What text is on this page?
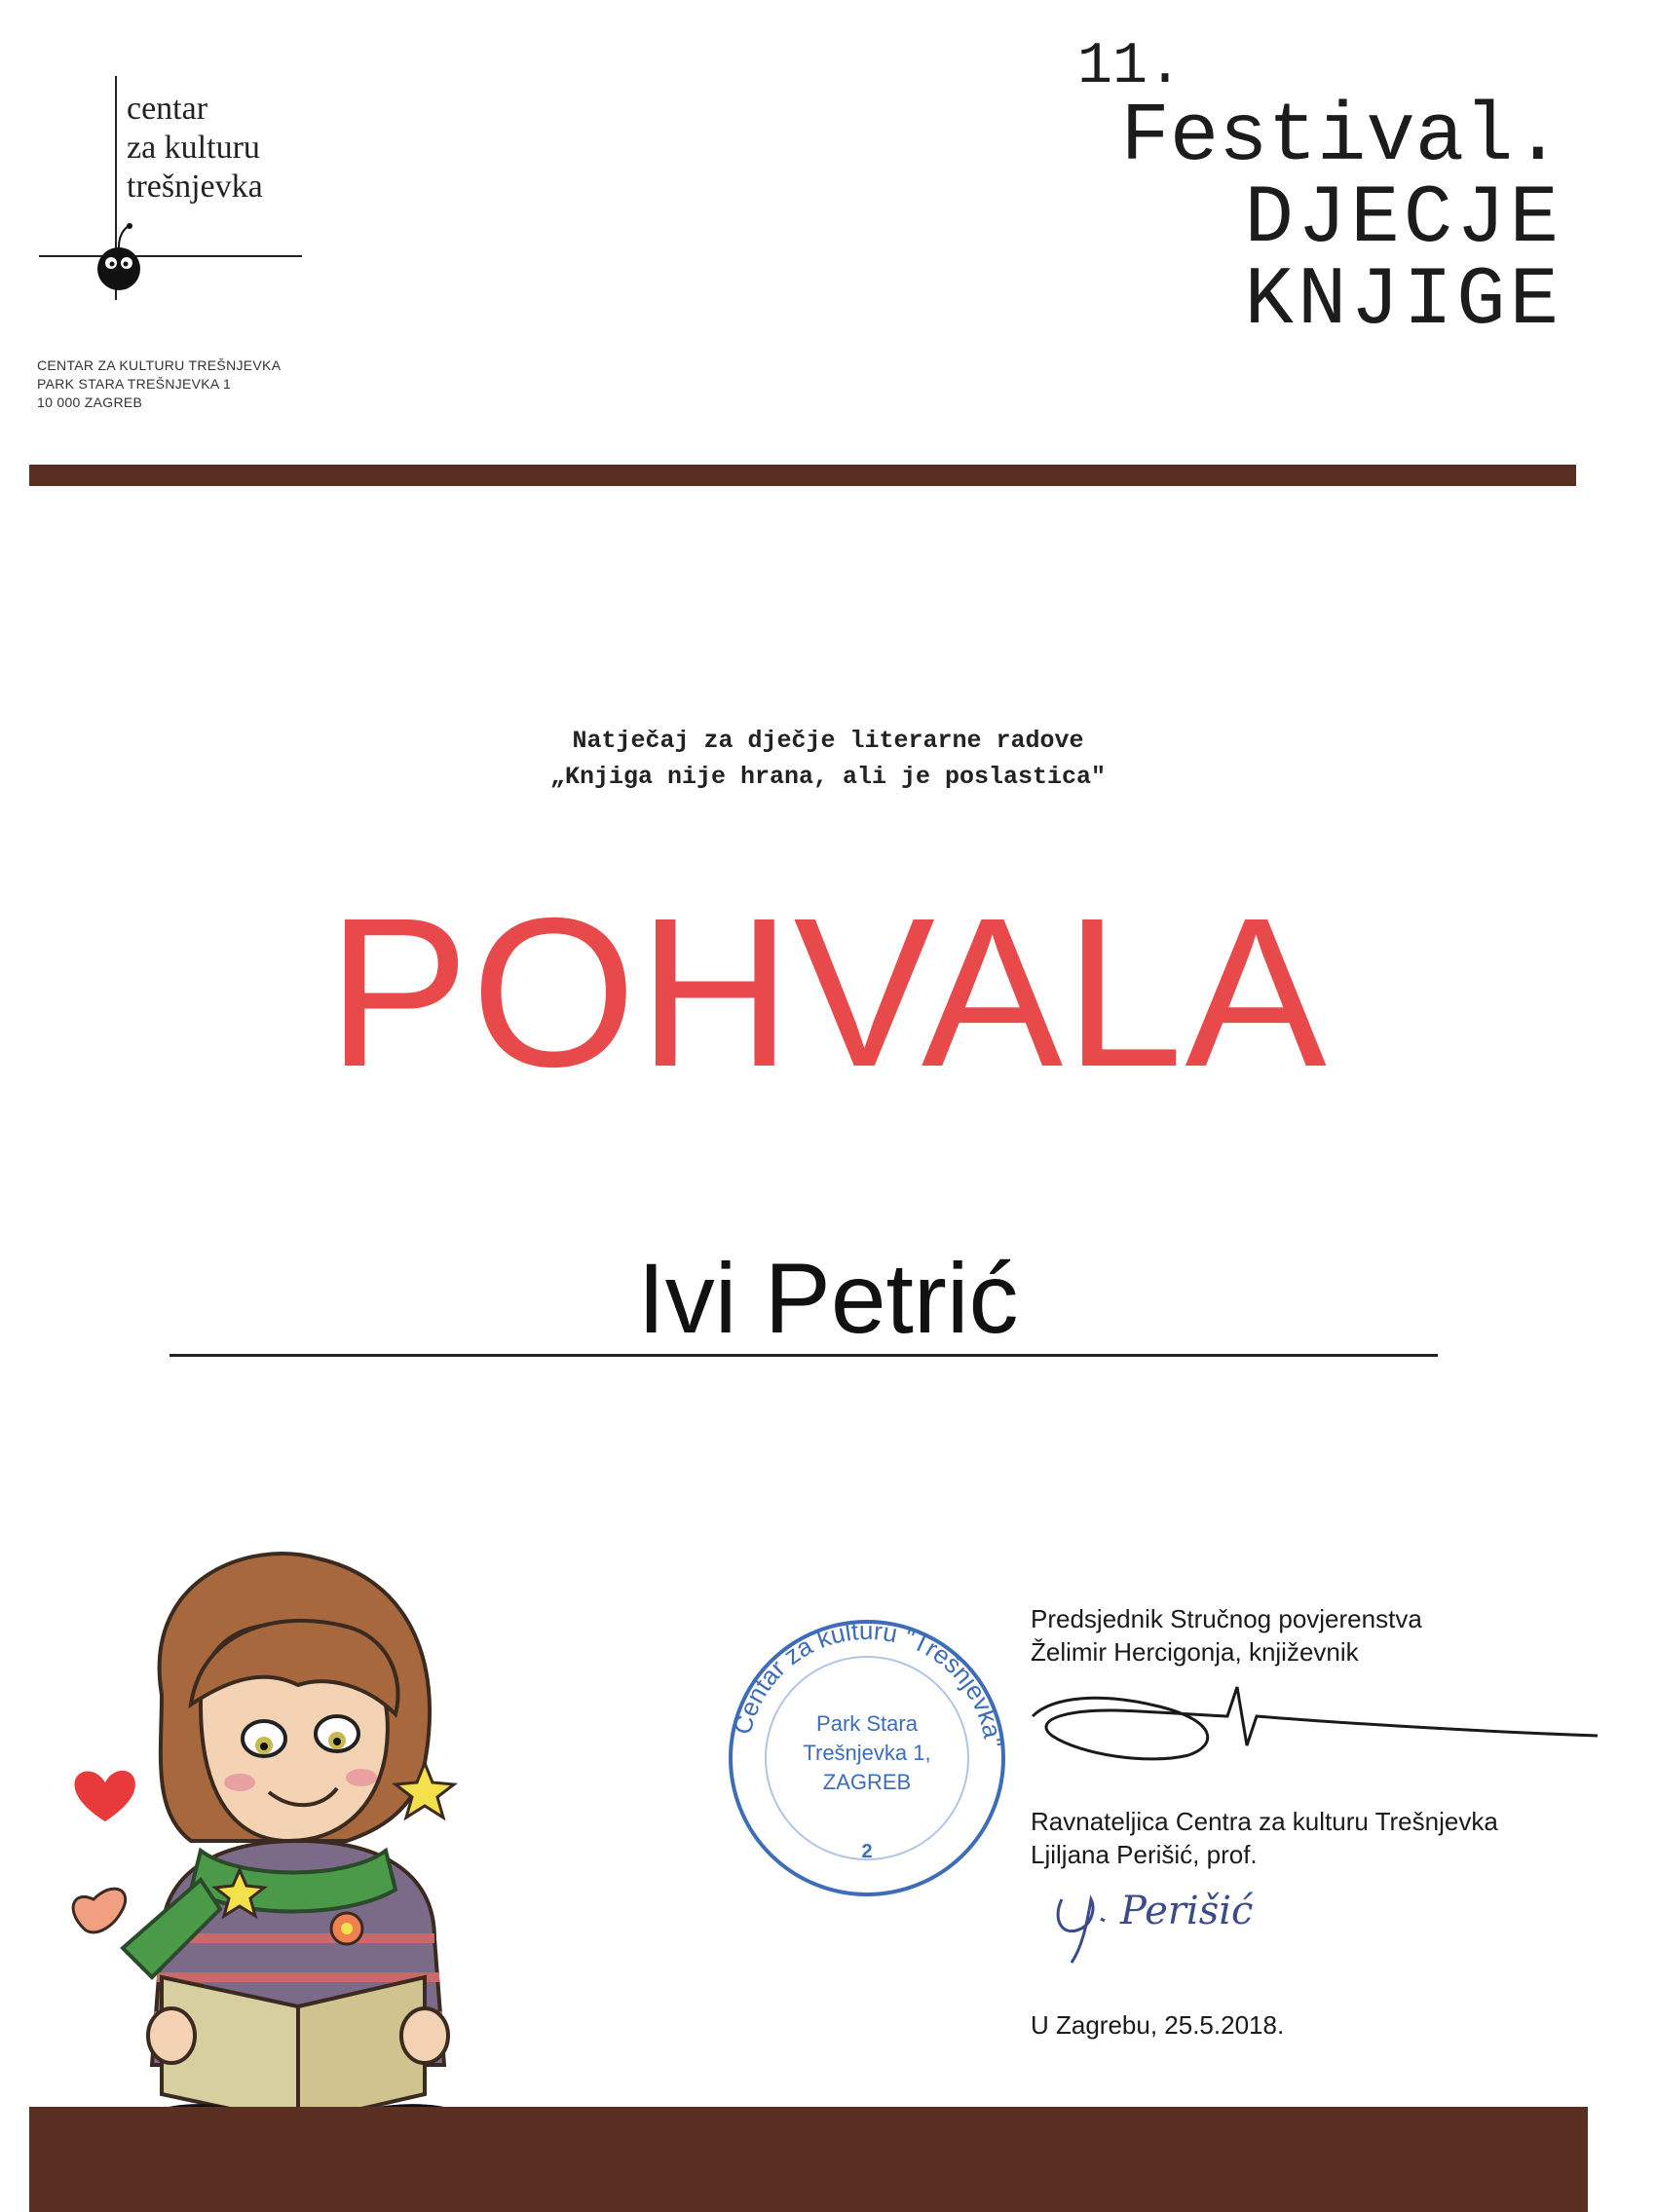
centar
za kulturu
trešnjevka
CENTAR ZA KULTURU TREŠNJEVKA
PARK STARA TREŠNJEVKA 1
10 000 ZAGREB
11.
Festival.
DJECJE
KNJIGE
Natječaj za dječje literarne radove
„Knjiga nije hrana, ali je poslastica"
POHVALA
Ivi Petrić
Centar za kulturu "Trešnjevka"
Park Stara
Trešnjevka 1,
ZAGREB
2
Predsjednik Stručnog povjerenstva
Želimir Hercigonja, književnik
Ravnateljica Centra za kulturu Trešnjevka
Ljiljana Perišić, prof.
Perišić
U Zagrebu, 25.5.2018.
